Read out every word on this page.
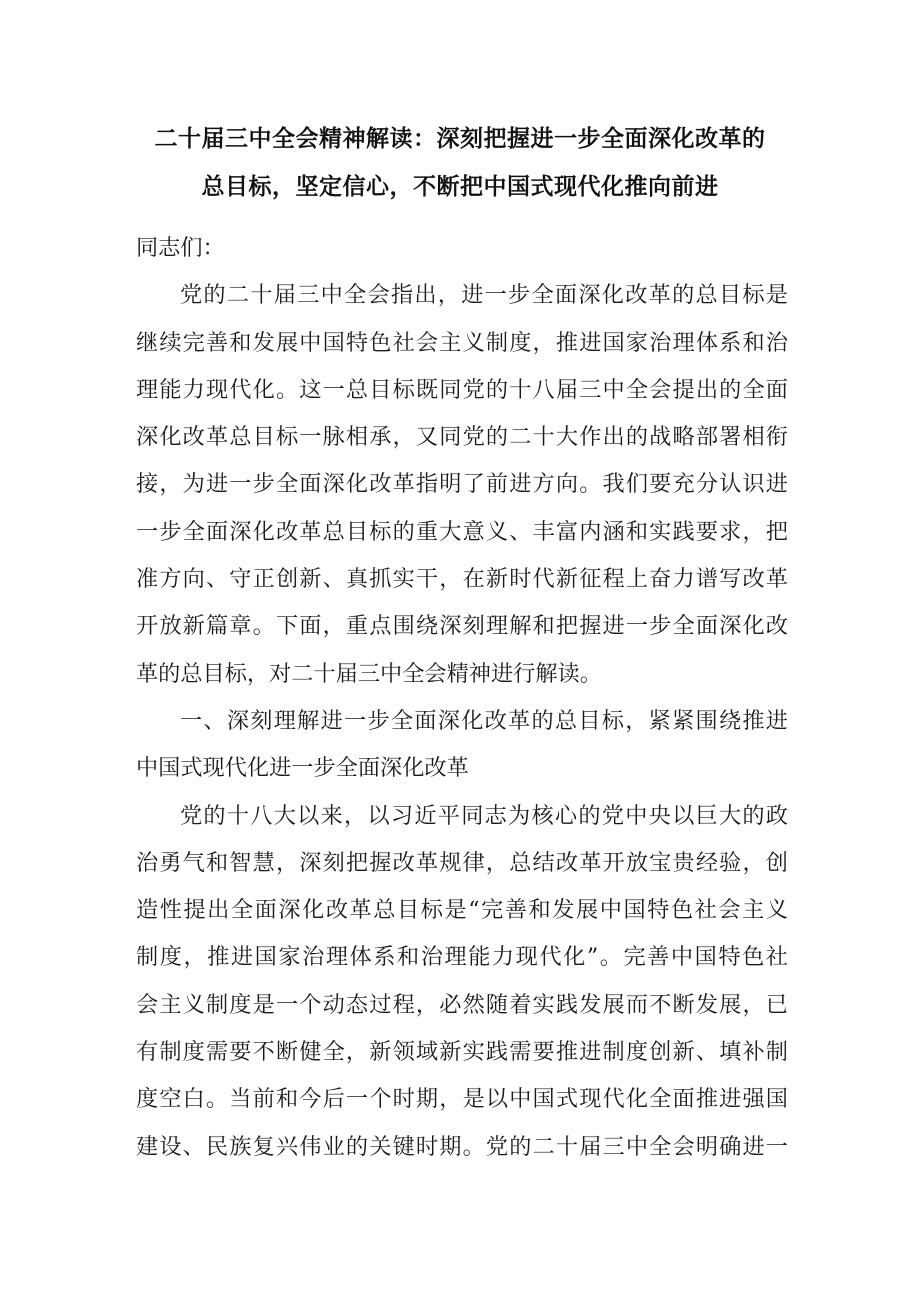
二十届三中全会精神解读：深刻把握进一步全面深化改革的
总目标，坚定信心，不断把中国式现代化推向前进
同志们：
党的二十届三中全会指出，进一步全面深化改革的总目标是
继续完善和发展中国特色社会主义制度，推进国家治理体系和治
理能力现代化。这一总目标既同党的十八届三中全会提出的全面
深化改革总目标一脉相承，又同党的二十大作出的战略部署相衔
接，为进一步全面深化改革指明了前进方向。我们要充分认识进
一步全面深化改革总目标的重大意义、丰富内涵和实践要求，把
准方向、守正创新、真抓实干，在新时代新征程上奋力谱写改革
开放新篇章。下面，重点围绕深刻理解和把握进一步全面深化改
革的总目标，对二十届三中全会精神进行解读。
一、深刻理解进一步全面深化改革的总目标，紧紧围绕推进
中国式现代化进一步全面深化改革
党的十八大以来，以习近平同志为核心的党中央以巨大的政
治勇气和智慧，深刻把握改革规律，总结改革开放宝贵经验，创
造性提出全面深化改革总目标是“完善和发展中国特色社会主义
制度，推进国家治理体系和治理能力现代化”。完善中国特色社
会主义制度是一个动态过程，必然随着实践发展而不断发展，已
有制度需要不断健全，新领域新实践需要推进制度创新、填补制
度空白。当前和今后一个时期，是以中国式现代化全面推进强国
建设、民族复兴伟业的关键时期。党的二十届三中全会明确进一
